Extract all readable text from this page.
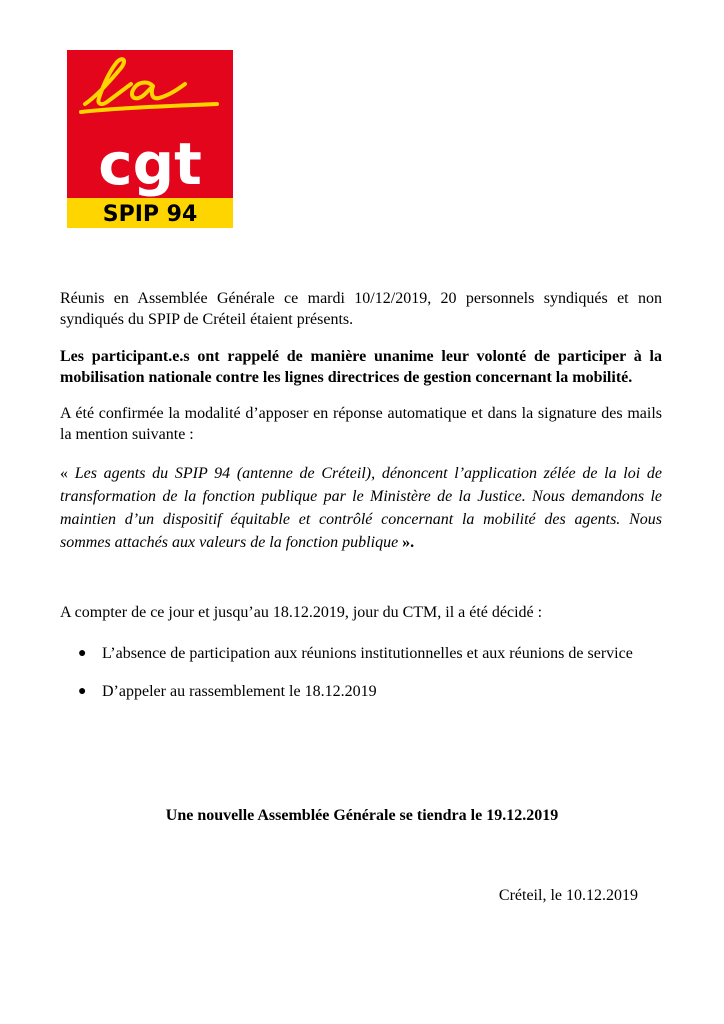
cgt
SPIP 94

Réunis en Assemblée Générale ce mardi 10/12/2019, 20 personnels syndiqués et non syndiqués du SPIP de Créteil étaient présents.

Les participant.e.s ont rappelé de manière unanime leur volonté de participer à la mobilisation nationale contre les lignes directrices de gestion concernant la mobilité.

A été confirmée la modalité d’apposer en réponse automatique et dans la signature des mails la mention suivante :

« Les agents du SPIP 94 (antenne de Créteil), dénoncent l’application zélée de la loi de transformation de la fonction publique par le Ministère de la Justice. Nous demandons le maintien d’un dispositif équitable et contrôlé concernant la mobilité des agents. Nous sommes attachés aux valeurs de la fonction publique ».

A compter de ce jour et jusqu’au 18.12.2019, jour du CTM, il a été décidé :

● L’absence de participation aux réunions institutionnelles et aux réunions de service
● D’appeler au rassemblement le 18.12.2019
Une nouvelle Assemblée Générale se tiendra le 19.12.2019
Créteil, le 10.12.2019
